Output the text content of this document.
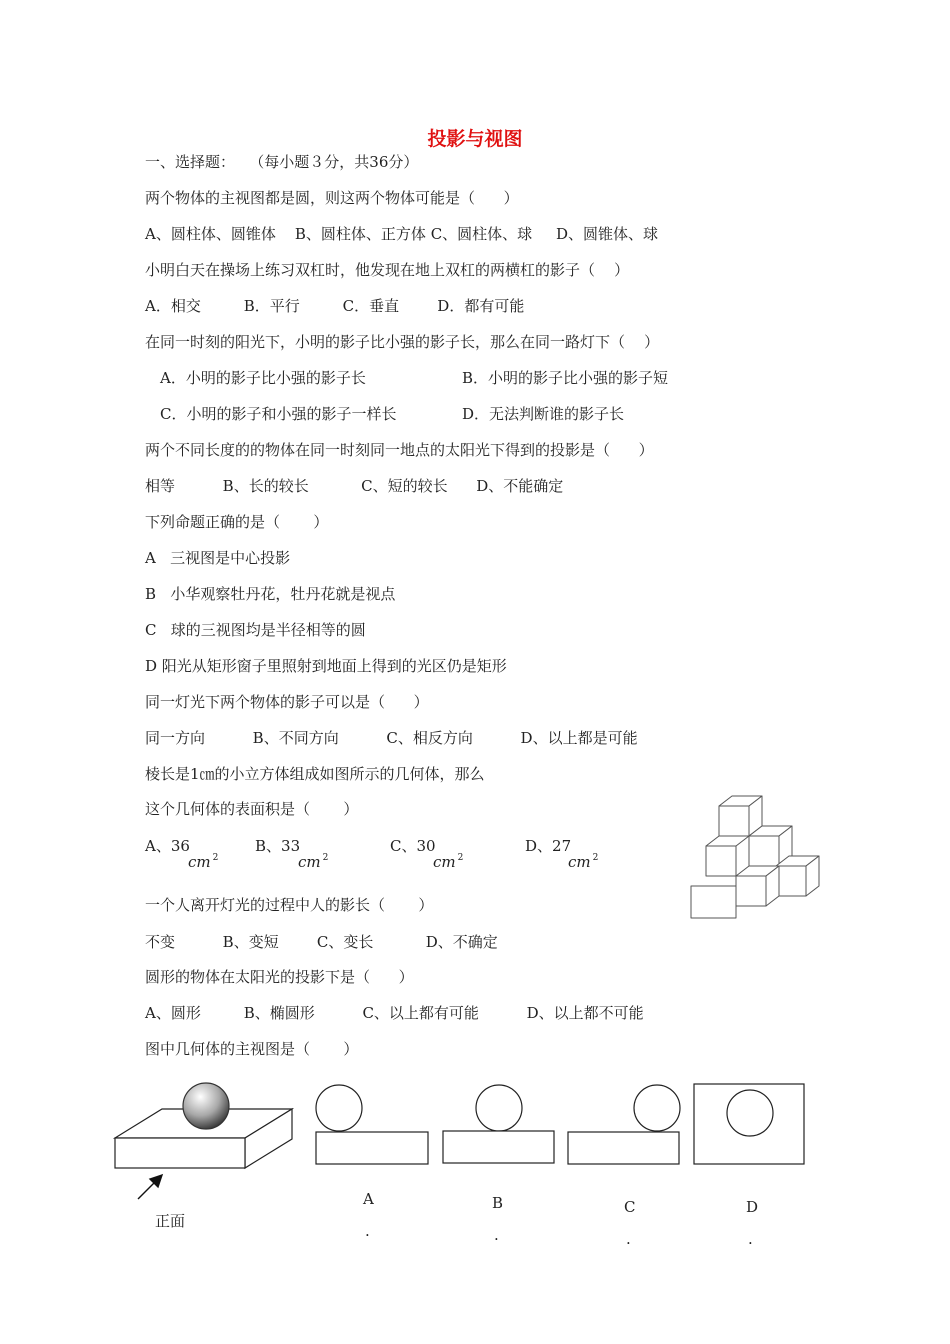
投影与视图
一、选择题：   （每小题３分，共36分）
两个物体的主视图都是圆，则这两个物体可能是（      ）
A、圆柱体、圆锥体    B、圆柱体、正方体 C、圆柱体、球     D、圆锥体、球
小明白天在操场上练习双杠时，他发现在地上双杠的两横杠的影子（    ）
A．相交         B．平行         C．垂直        D．都有可能
在同一时刻的阳光下，小明的影子比小强的影子长，那么在同一路灯下（    ）
A．小明的影子比小强的影子长	B．小明的影子比小强的影子短
C．小明的影子和小强的影子一样长	D．无法判断谁的影子长
两个不同长度的的物体在同一时刻同一地点的太阳光下得到的投影是（      ）
相等          B、长的较长           C、短的较长      D、不能确定
下列命题正确的是（       ）
A   三视图是中心投影
B   小华观察牡丹花，牡丹花就是视点
C   球的三视图均是半径相等的圆
D 阳光从矩形窗子里照射到地面上得到的光区仍是矩形
同一灯光下两个物体的影子可以是（      ）
同一方向          B、不同方向          C、相反方向          D、以上都是可能
棱长是1㎝的小立方体组成如图所示的几何体，那么
这个几何体的表面积是（       ）
A、36
cm $^2$
B、33
cm $^2$
C、30
cm $^2$
D、27
cm $^2$
一个人离开灯光的过程中人的影长（       ）
不变          B、变短        C、变长           D、不确定
圆形的物体在太阳光的投影下是（      ）
A、圆形         B、椭圆形          C、以上都有可能          D、以上都不可能
图中几何体的主视图是（       ）
正面
A
.
B
.
C
.
D
.
